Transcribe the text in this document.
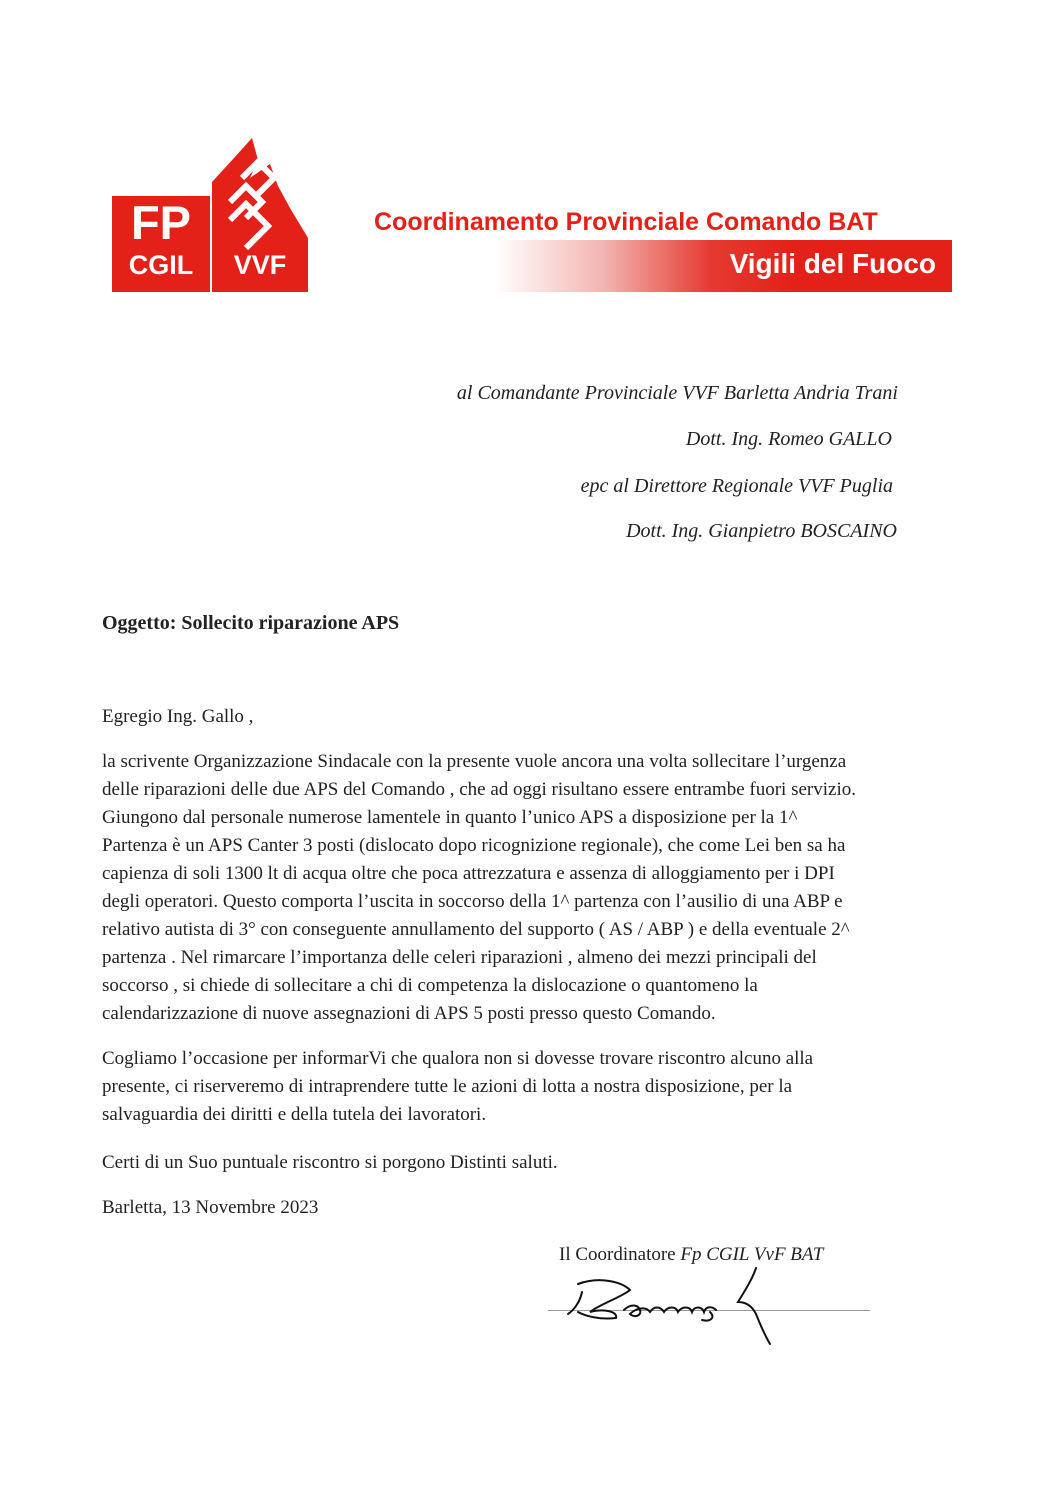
FP
CGIL	VVF
Coordinamento Provinciale Comando BAT
Vigili del Fuoco
al Comandante Provinciale VVF Barletta Andria Trani
Dott. Ing. Romeo GALLO
epc al Direttore Regionale VVF Puglia
Dott. Ing. Gianpietro BOSCAINO
Oggetto: Sollecito riparazione APS
Egregio Ing. Gallo ,
la scrivente Organizzazione Sindacale con la presente vuole ancora una volta sollecitare l’urgenza
delle riparazioni delle due APS del Comando , che ad oggi risultano essere entrambe fuori servizio.
Giungono dal personale numerose lamentele in quanto l’unico APS a disposizione per la 1^
Partenza è un APS Canter 3 posti (dislocato dopo ricognizione regionale), che come Lei ben sa ha
capienza di soli 1300 lt di acqua oltre che poca attrezzatura e assenza di alloggiamento per i DPI
degli operatori. Questo comporta l’uscita in soccorso della 1^ partenza con l’ausilio di una ABP e
relativo autista di 3° con conseguente annullamento del supporto ( AS / ABP ) e della eventuale 2^
partenza . Nel rimarcare l’importanza delle celeri riparazioni , almeno dei mezzi principali del
soccorso , si chiede di sollecitare a chi di competenza la dislocazione o quantomeno la
calendarizzazione di nuove assegnazioni di APS 5 posti presso questo Comando.
Cogliamo l’occasione per informarVi che qualora non si dovesse trovare riscontro alcuno alla
presente, ci riserveremo di intraprendere tutte le azioni di lotta a nostra disposizione, per la
salvaguardia dei diritti e della tutela dei lavoratori.
Certi di un Suo puntuale riscontro si porgono Distinti saluti.
Barletta, 13 Novembre 2023
Il Coordinatore Fp CGIL VvF BAT
